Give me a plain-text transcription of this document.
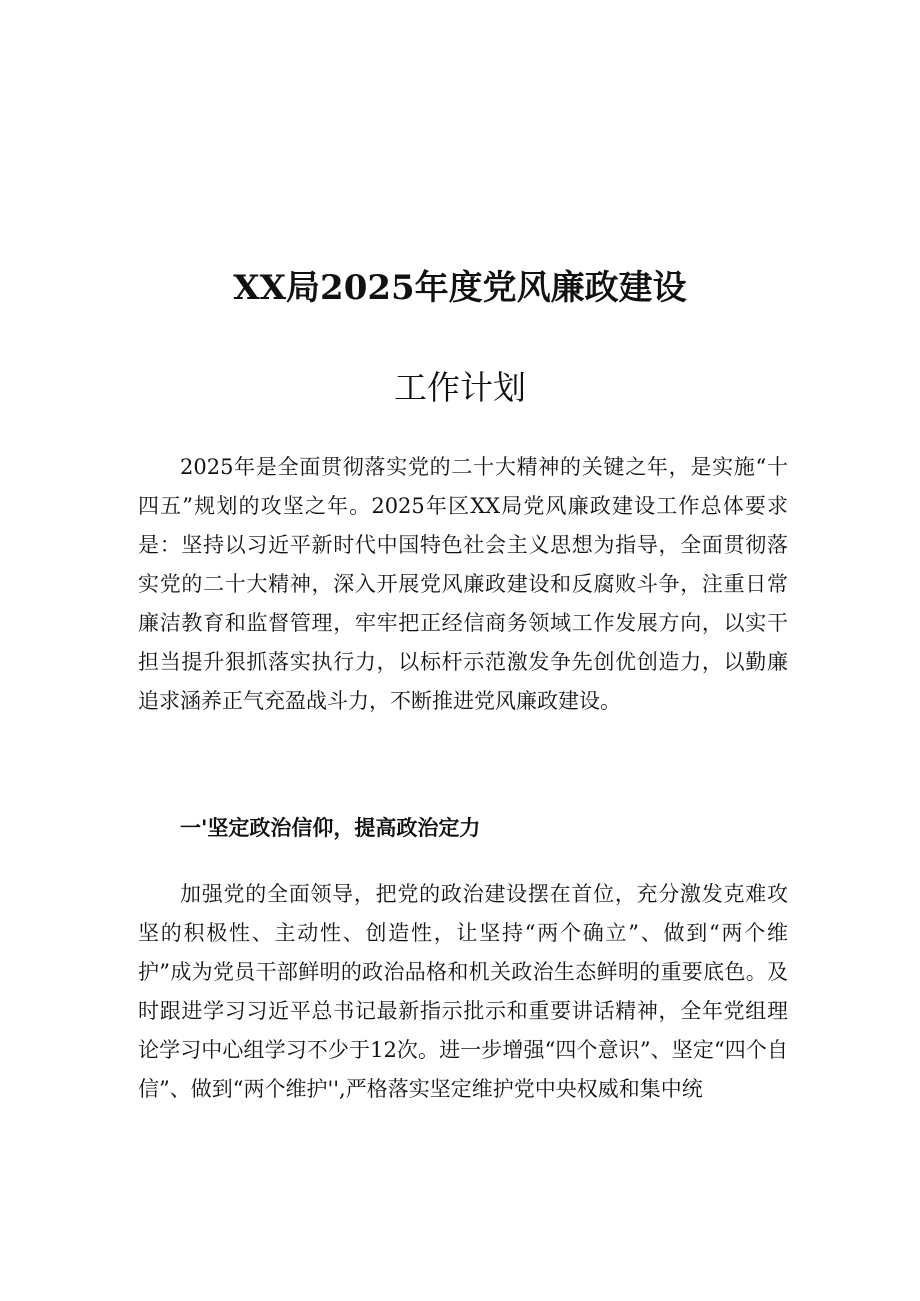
XX局2025年度党风廉政建设
工作计划

2025年是全面贯彻落实党的二十大精神的关键之年，是实施“十四五”规划的攻坚之年。2025年区XX局党风廉政建设工作总体要求是：坚持以习近平新时代中国特色社会主义思想为指导，全面贯彻落实党的二十大精神，深入开展党风廉政建设和反腐败斗争，注重日常廉洁教育和监督管理，牢牢把正经信商务领域工作发展方向，以实干担当提升狠抓落实执行力，以标杆示范激发争先创优创造力，以勤廉追求涵养正气充盈战斗力，不断推进党风廉政建设。

一'坚定政治信仰，提高政治定力

加强党的全面领导，把党的政治建设摆在首位，充分激发克难攻坚的积极性、主动性、创造性，让坚持“两个确立”、做到“两个维护”成为党员干部鲜明的政治品格和机关政治生态鲜明的重要底色。及时跟进学习习近平总书记最新指示批示和重要讲话精神，全年党组理论学习中心组学习不少于12次。进一步增强“四个意识”、坚定“四个自信”、做到“两个维护'',严格落实坚定维护党中央权威和集中统
